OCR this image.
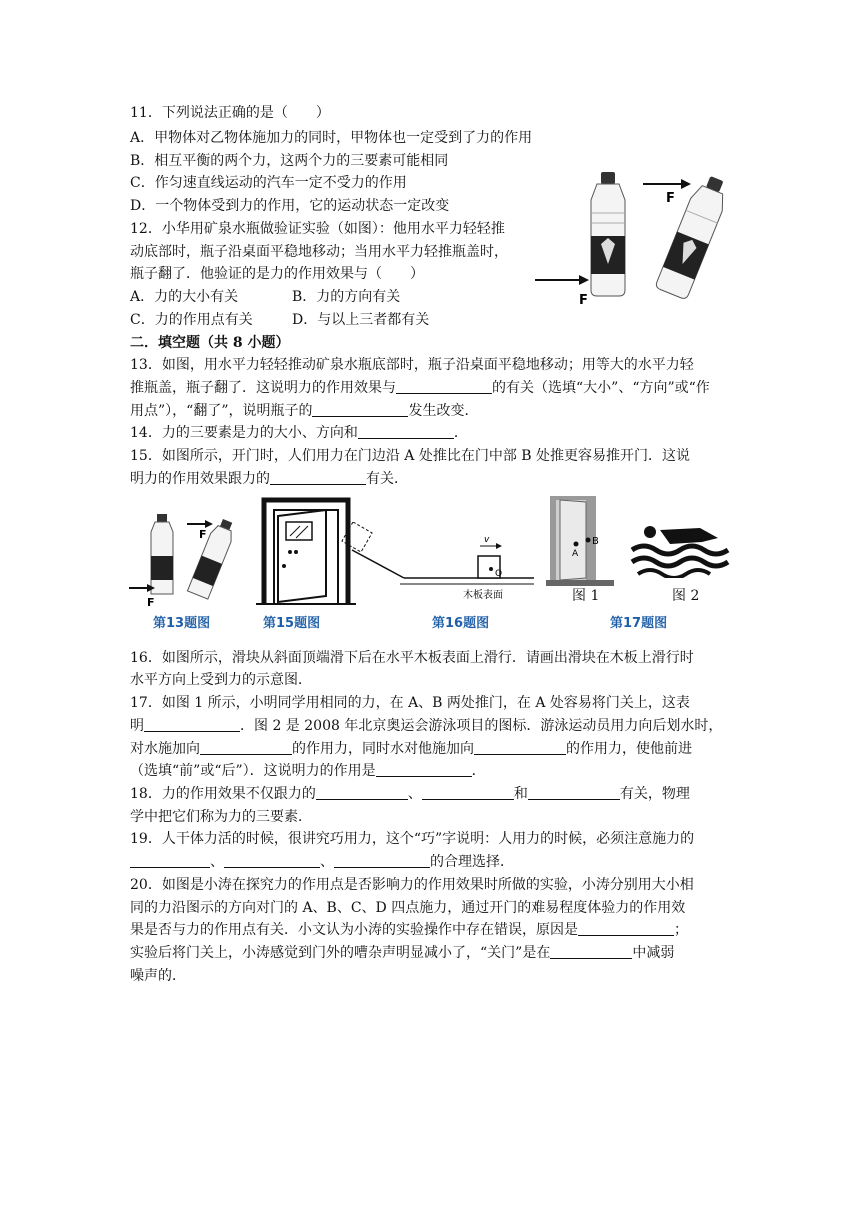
11．下列说法正确的是（　　）
A．甲物体对乙物体施加力的同时，甲物体也一定受到了力的作用
B．相互平衡的两个力，这两个力的三要素可能相同
C．作匀速直线运动的汽车一定不受力的作用
D．一个物体受到力的作用，它的运动状态一定改变
12．小华用矿泉水瓶做验证实验（如图）：他用水平力轻轻推
动底部时，瓶子沿桌面平稳地移动；当用水平力轻推瓶盖时，
瓶子翻了．他验证的是力的作用效果与（　　）
A．力的大小有关	B．力的方向有关
C．力的作用点有关	D．与以上三者都有关
F
F
二．填空题（共 8 小题）
13．如图，用水平力轻轻推动矿泉水瓶底部时，瓶子沿桌面平稳地移动；用等大的水平力轻
推瓶盖，瓶子翻了．这说明力的作用效果与	的有关（选填“大小”、“方向”或“作
用点”），“翻了”，说明瓶子的	发生改变．
14．力的三要素是力的大小、方向和	．
15．如图所示，开门时，人们用力在门边沿 A 处推比在门中部 B 处推更容易推开门．这说
明力的作用效果跟力的	有关．
F
F
第13题图	第15题图
O
v
木板表面
第16题图
A
B
图 1	图 2
第17题图
16．如图所示，滑块从斜面顶端滑下后在水平木板表面上滑行．请画出滑块在木板上滑行时
水平方向上受到力的示意图．
17．如图 1 所示，小明同学用相同的力，在 A、B 两处推门，在 A 处容易将门关上，这表
明	．图 2 是 2008 年北京奥运会游泳项目的图标．游泳运动员用力向后划水时，
对水施加向	的作用力，同时水对他施加向	的作用力，使他前进
（选填“前”或“后”）．这说明力的作用是	．
18．力的作用效果不仅跟力的	、	和	有关，物理
学中把它们称为力的三要素．
19．人干体力活的时候，很讲究巧用力，这个“巧”字说明：人用力的时候，必须注意施力的
、	、	的合理选择．
20．如图是小涛在探究力的作用点是否影响力的作用效果时所做的实验，小涛分别用大小相
同的力沿图示的方向对门的 A、B、C、D 四点施力，通过开门的难易程度体验力的作用效
果是否与力的作用点有关．小文认为小涛的实验操作中存在错误，原因是	；
实验后将门关上，小涛感觉到门外的嘈杂声明显减小了，“关门”是在	中减弱
噪声的．
